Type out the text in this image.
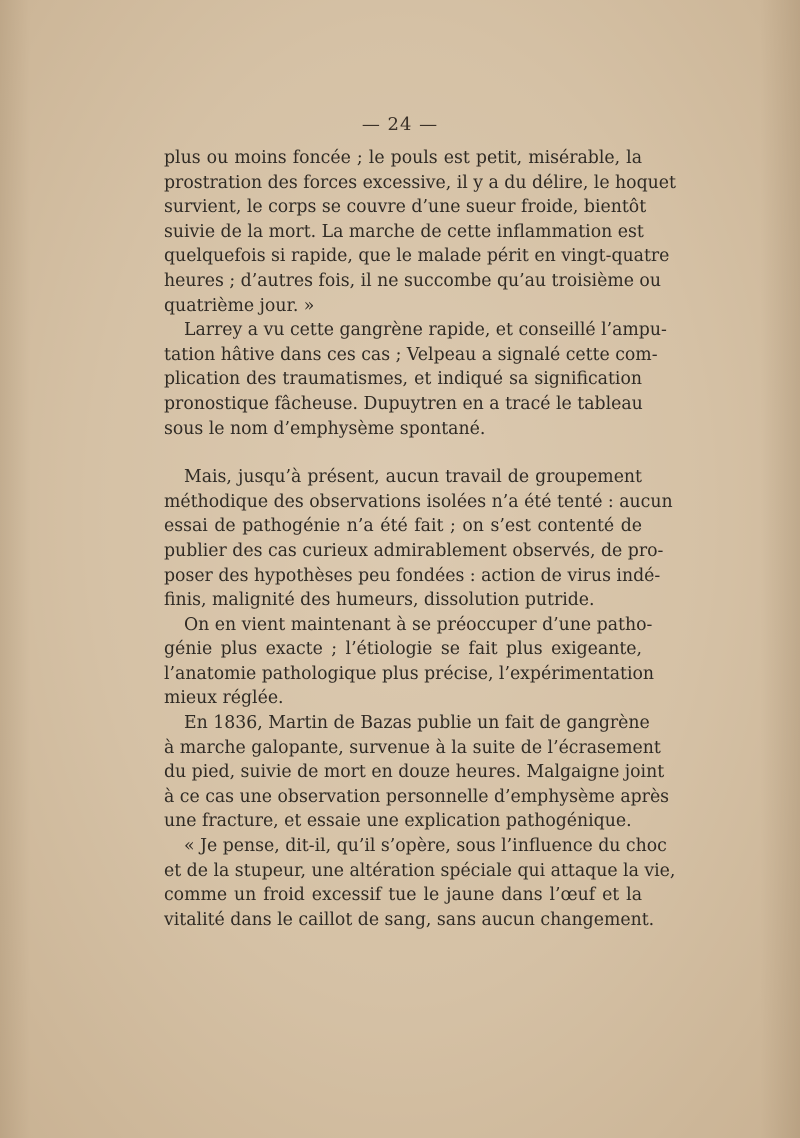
— 24 —
plus ou moins foncée ; le pouls est petit, misérable, la
prostration des forces excessive, il y a du délire, le hoquet
survient, le corps se couvre d’une sueur froide, bientôt
suivie de la mort. La marche de cette inflammation est
quelquefois si rapide, que le malade périt en vingt-quatre
heures ; d’autres fois, il ne succombe qu’au troisième ou
quatrième jour. »
Larrey a vu cette gangrène rapide, et conseillé l’ampu-
tation hâtive dans ces cas ; Velpeau a signalé cette com-
plication des traumatismes, et indiqué sa signification
pronostique fâcheuse. Dupuytren en a tracé le tableau
sous le nom d’emphysème spontané.
Mais, jusqu’à présent, aucun travail de groupement
méthodique des observations isolées n’a été tenté : aucun
essai de pathogénie n’a été fait ; on s’est contenté de
publier des cas curieux admirablement observés, de pro-
poser des hypothèses peu fondées : action de virus indé-
finis, malignité des humeurs, dissolution putride.
On en vient maintenant à se préoccuper d’une patho-
génie plus exacte ; l’étiologie se fait plus exigeante,
l’anatomie pathologique plus précise, l’expérimentation
mieux réglée.
En 1836, Martin de Bazas publie un fait de gangrène
à marche galopante, survenue à la suite de l’écrasement
du pied, suivie de mort en douze heures. Malgaigne joint
à ce cas une observation personnelle d’emphysème après
une fracture, et essaie une explication pathogénique.
« Je pense, dit-il, qu’il s’opère, sous l’influence du choc
et de la stupeur, une altération spéciale qui attaque la vie,
comme un froid excessif tue le jaune dans l’œuf et la
vitalité dans le caillot de sang, sans aucun changement.
